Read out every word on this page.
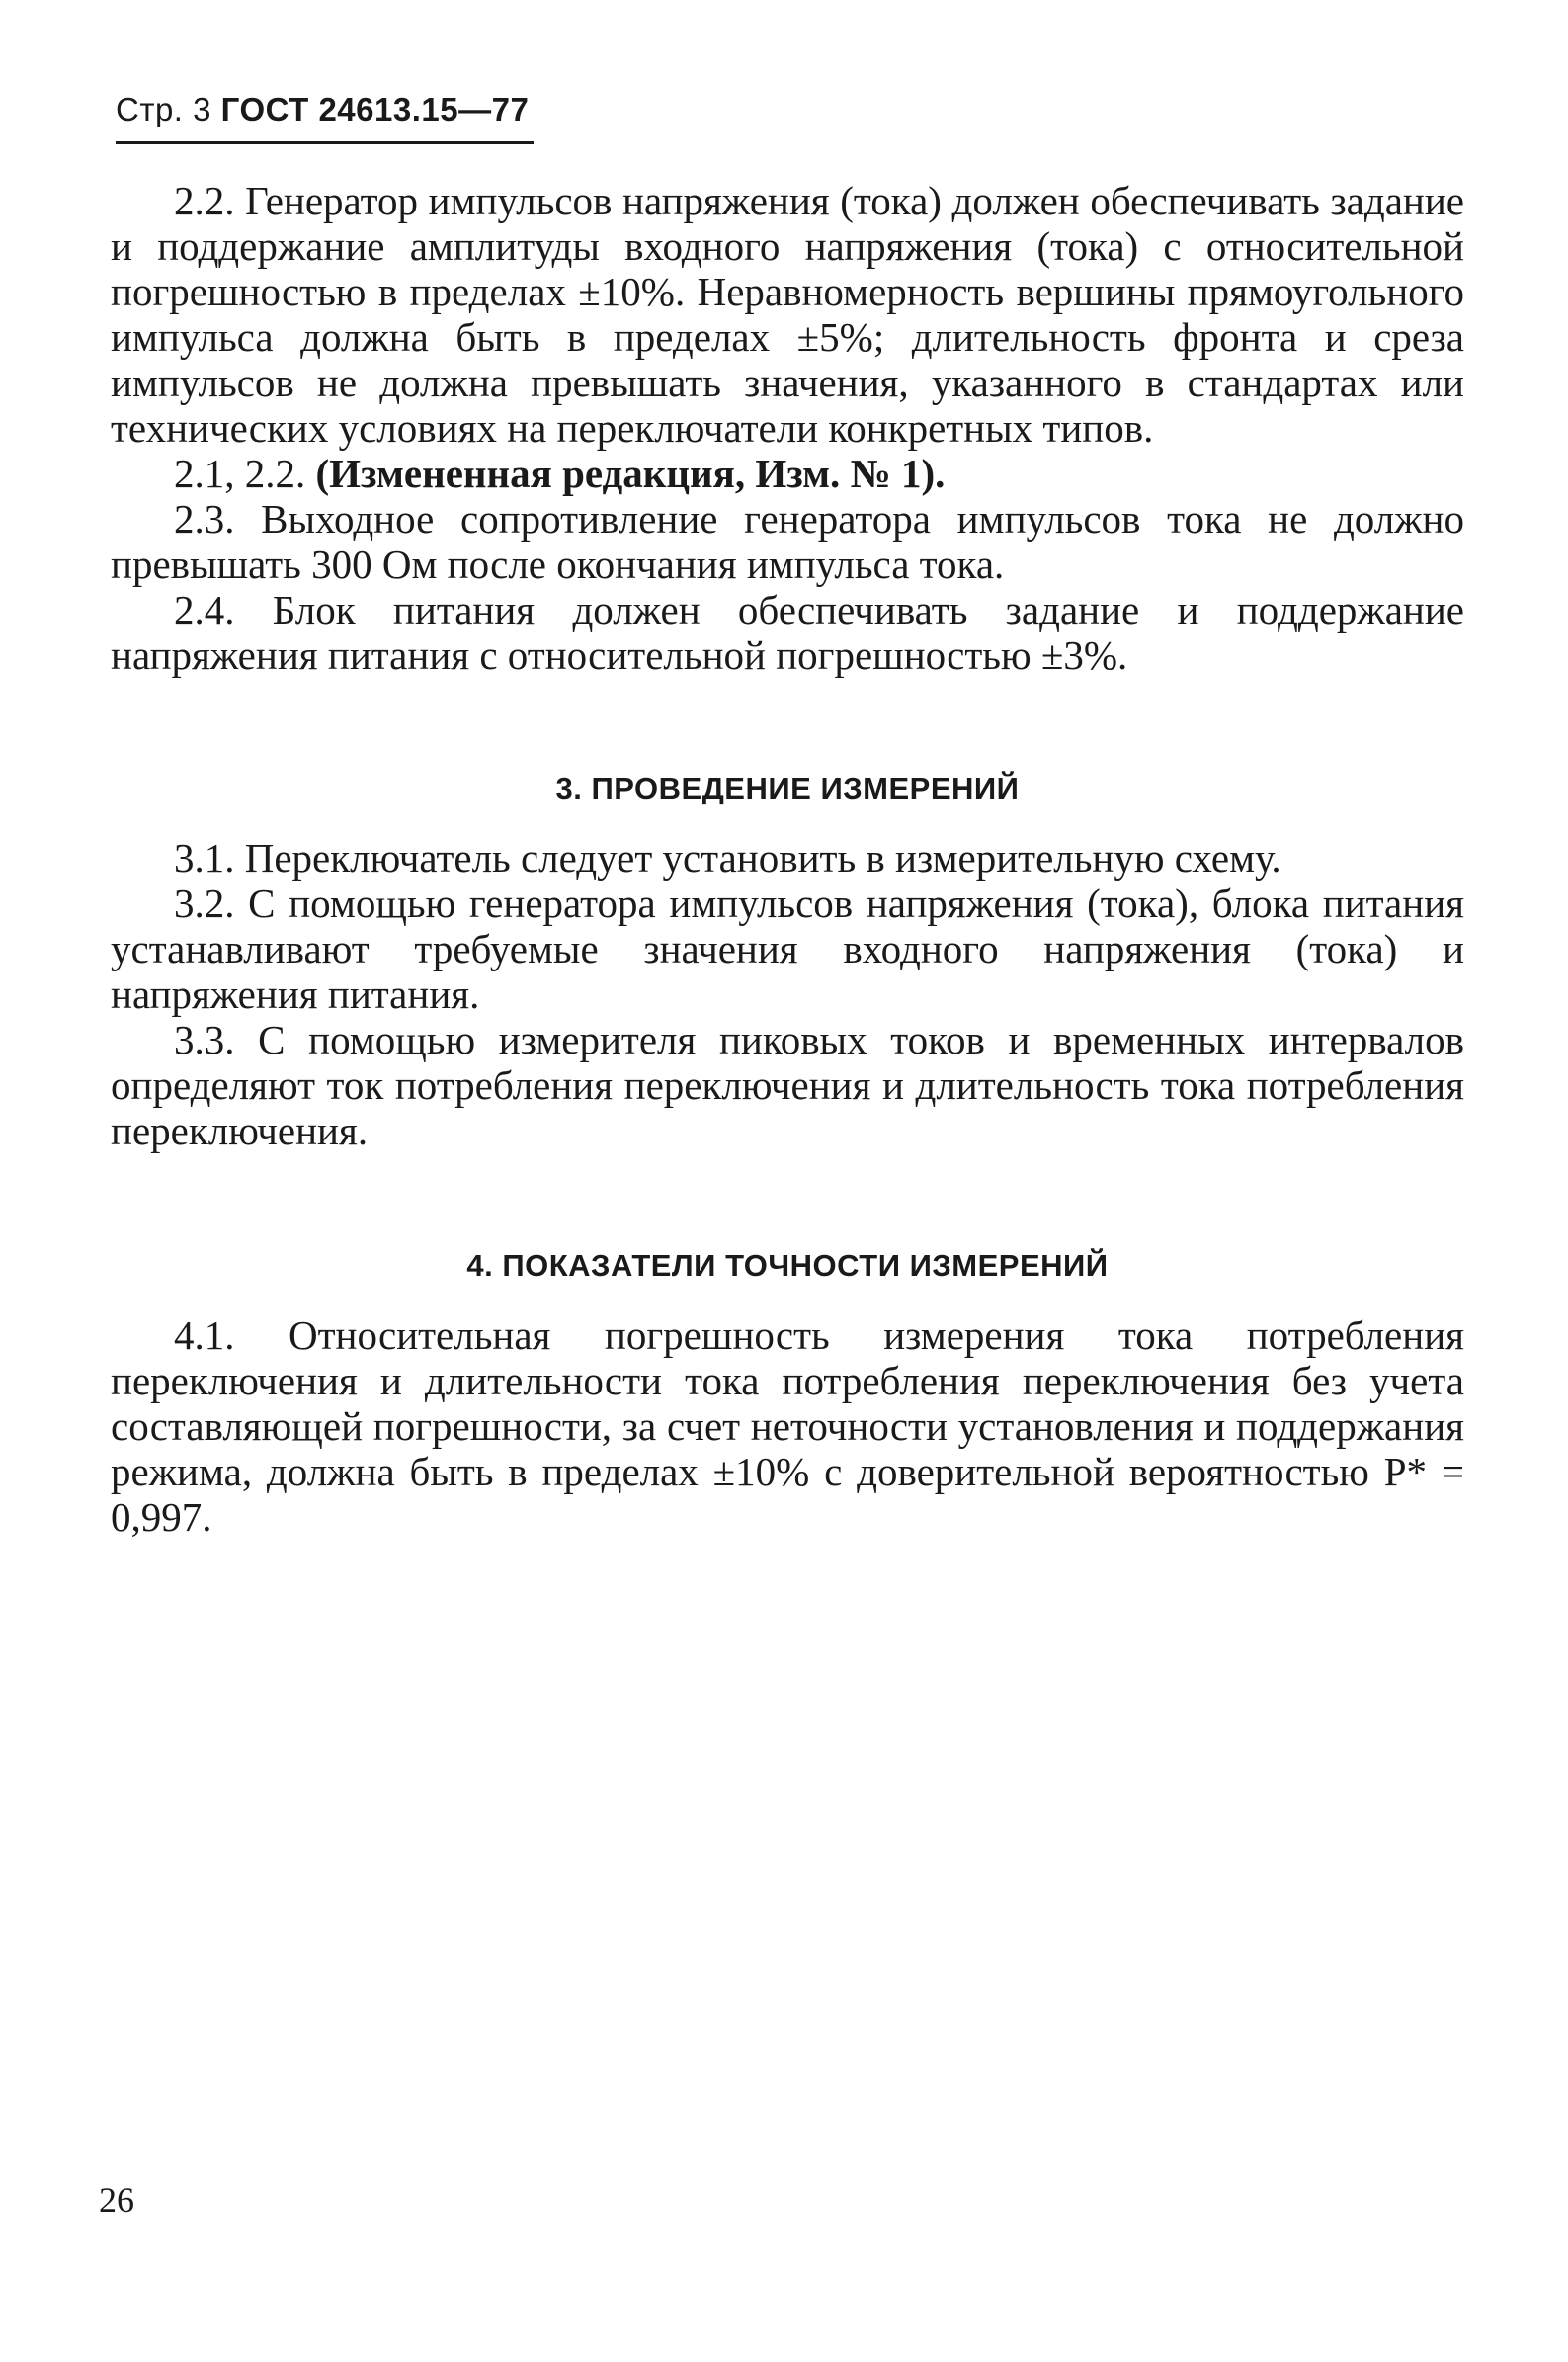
Стр. 3 ГОСТ 24613.15—77

2.2. Генератор импульсов напряжения (тока) должен обеспечивать задание и поддержание амплитуды входного напряжения (тока) с относительной погрешностью в пределах ±10%. Неравномерность вершины прямоугольного импульса должна быть в пределах ±5%; длительность фронта и среза импульсов не должна превышать значения, указанного в стандартах или технических условиях на переключатели конкретных типов.

2.1, 2.2. (Измененная редакция, Изм. № 1).

2.3. Выходное сопротивление генератора импульсов тока не должно превышать 300 Ом после окончания импульса тока.

2.4. Блок питания должен обеспечивать задание и поддержание напряжения питания с относительной погрешностью ±3%.

3. ПРОВЕДЕНИЕ ИЗМЕРЕНИЙ

3.1. Переключатель следует установить в измерительную схему.

3.2. С помощью генератора импульсов напряжения (тока), блока питания устанавливают требуемые значения входного напряжения (тока) и напряжения питания.

3.3. С помощью измерителя пиковых токов и временных интервалов определяют ток потребления переключения и длительность тока потребления переключения.

4. ПОКАЗАТЕЛИ ТОЧНОСТИ ИЗМЕРЕНИЙ

4.1. Относительная погрешность измерения тока потребления переключения и длительности тока потребления переключения без учета составляющей погрешности, за счет неточности установления и поддержания режима, должна быть в пределах ±10% с доверительной вероятностью P* = 0,997.

26
